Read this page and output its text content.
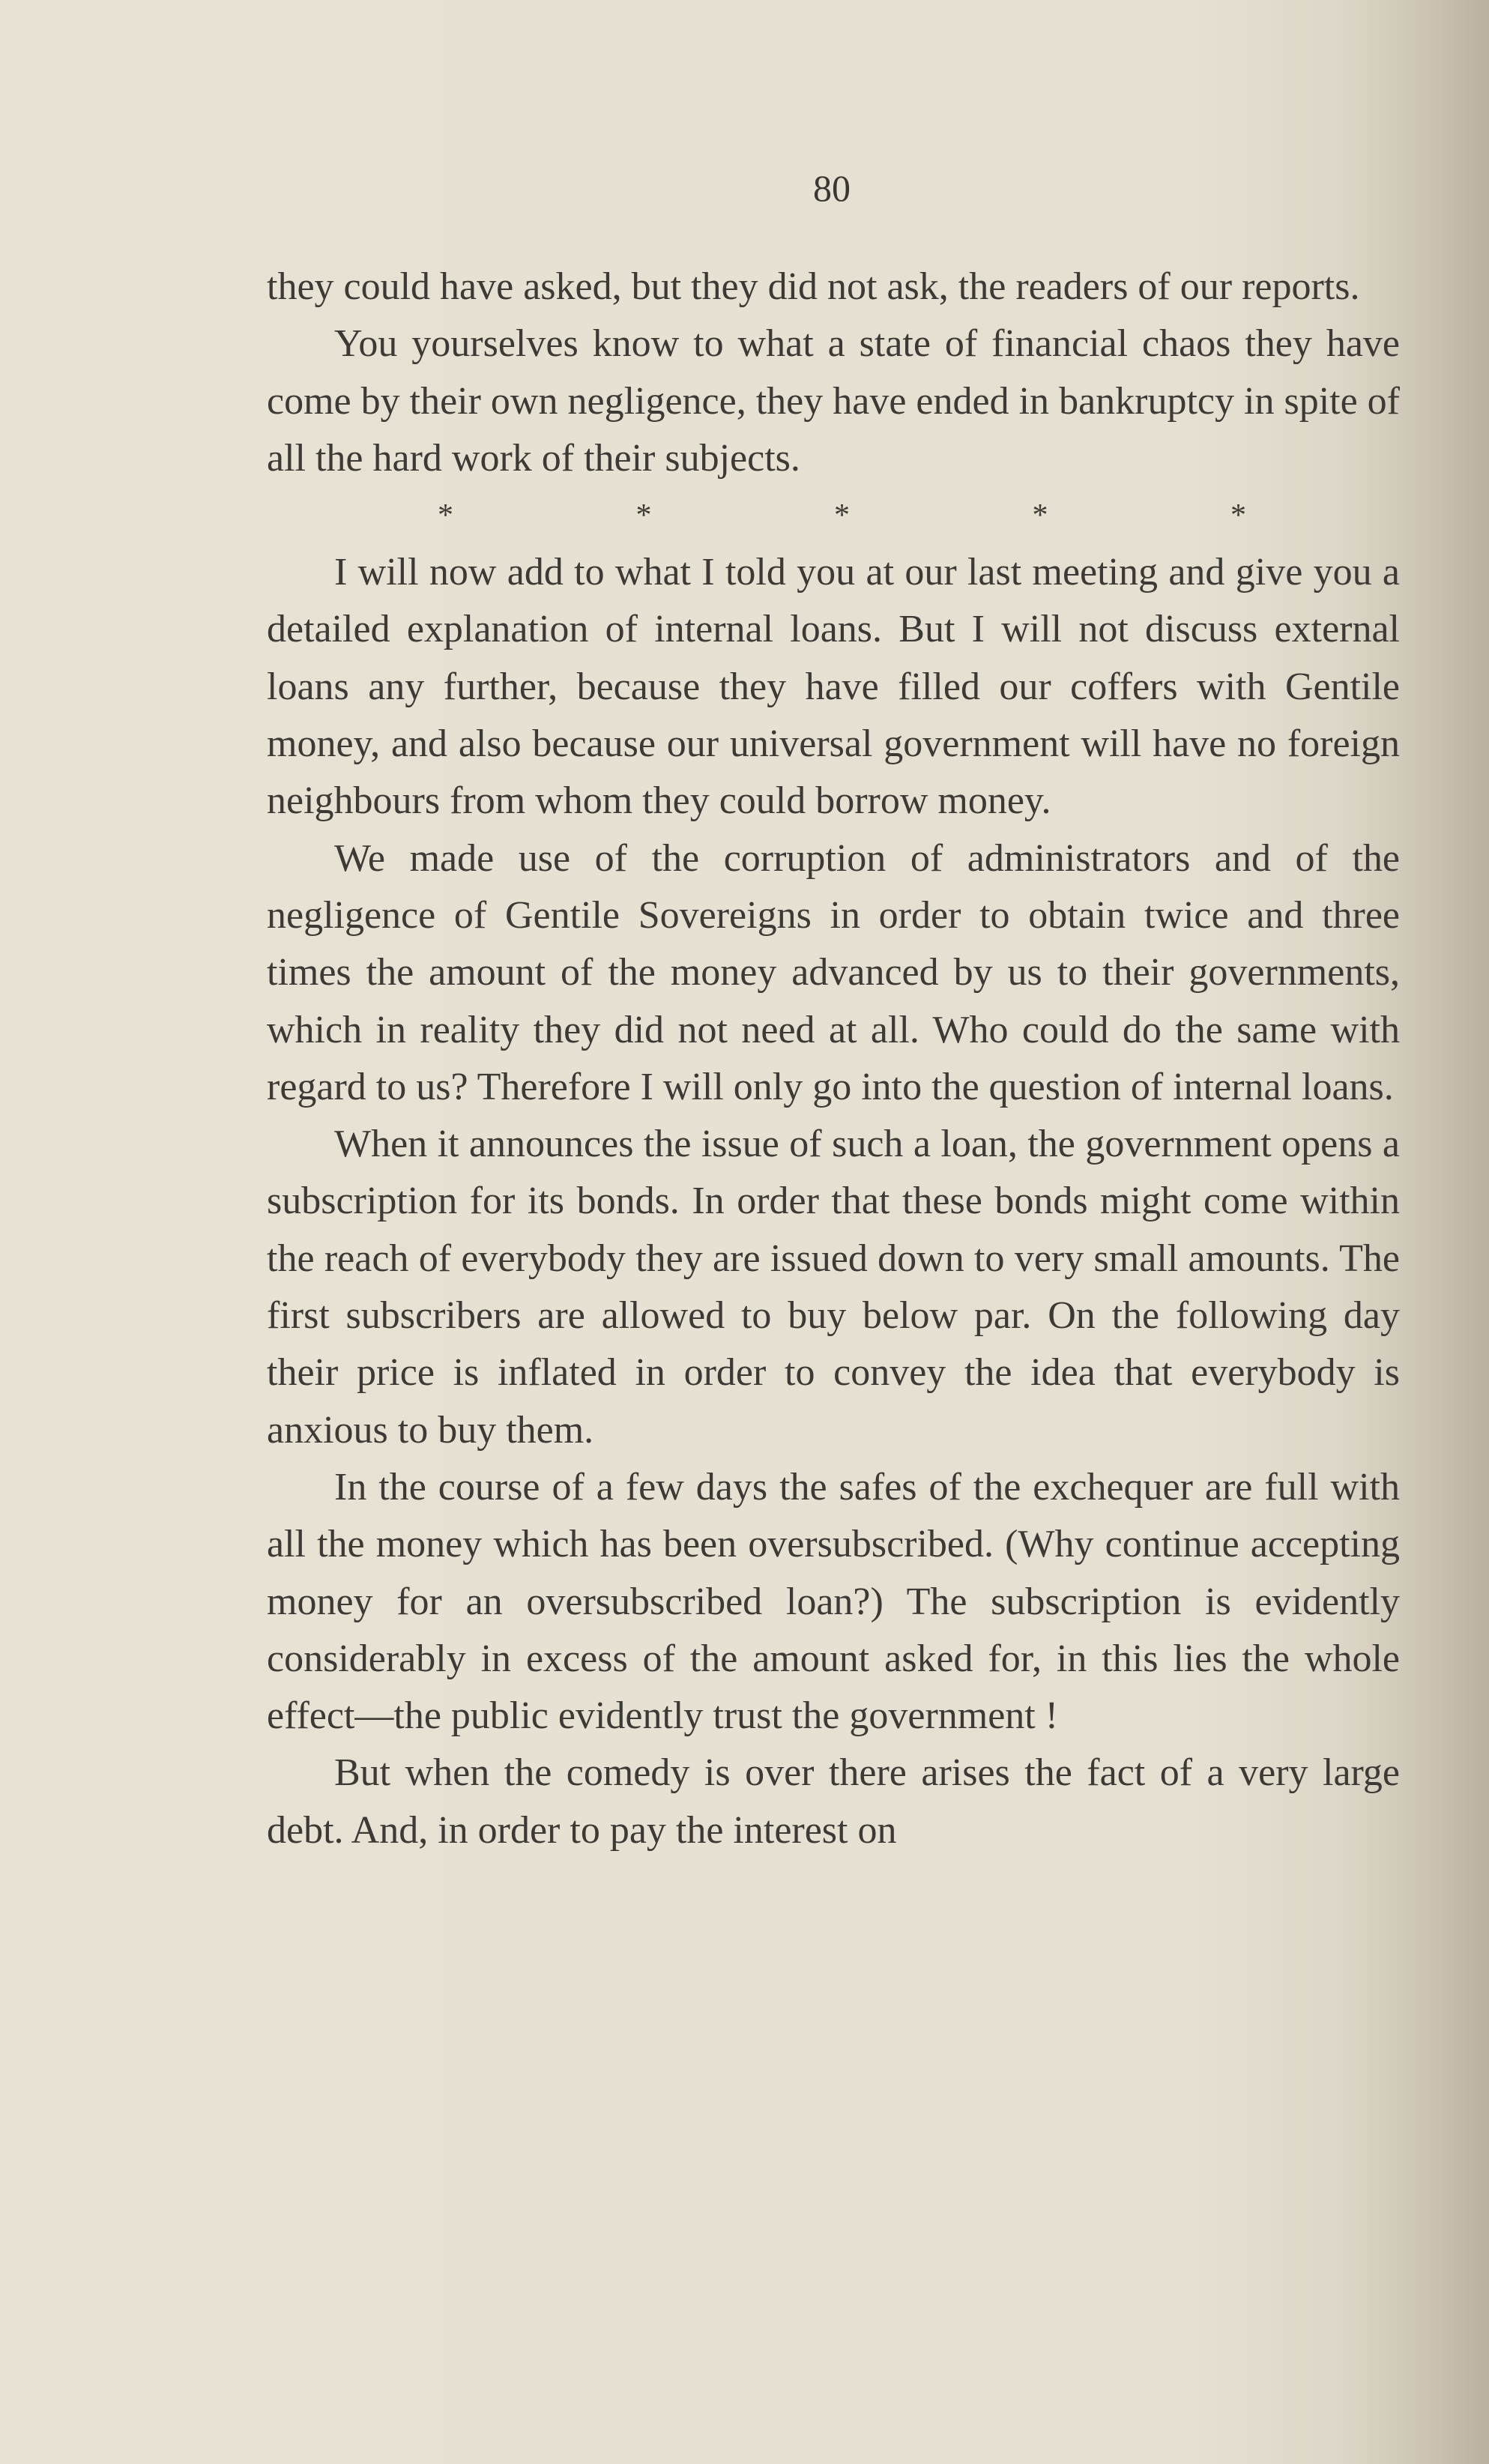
80

they could have asked, but they did not ask, the readers of our reports.

You yourselves know to what a state of financial chaos they have come by their own negligence, they have ended in bankruptcy in spite of all the hard work of their subjects.

*	*	*	*	*

I will now add to what I told you at our last meeting and give you a detailed explanation of internal loans. But I will not discuss external loans any further, because they have filled our coffers with Gentile money, and also because our universal government will have no foreign neighbours from whom they could borrow money.

We made use of the corruption of administrators and of the negligence of Gentile Sovereigns in order to obtain twice and three times the amount of the money advanced by us to their governments, which in reality they did not need at all. Who could do the same with regard to us? Therefore I will only go into the question of internal loans.

When it announces the issue of such a loan, the government opens a subscription for its bonds. In order that these bonds might come within the reach of everybody they are issued down to very small amounts. The first subscribers are allowed to buy below par. On the following day their price is inflated in order to convey the idea that everybody is anxious to buy them.

In the course of a few days the safes of the exchequer are full with all the money which has been oversubscribed. (Why continue accepting money for an oversubscribed loan?) The subscription is evidently considerably in excess of the amount asked for, in this lies the whole effect—the public evidently trust the government !

But when the comedy is over there arises the fact of a very large debt. And, in order to pay the interest on
